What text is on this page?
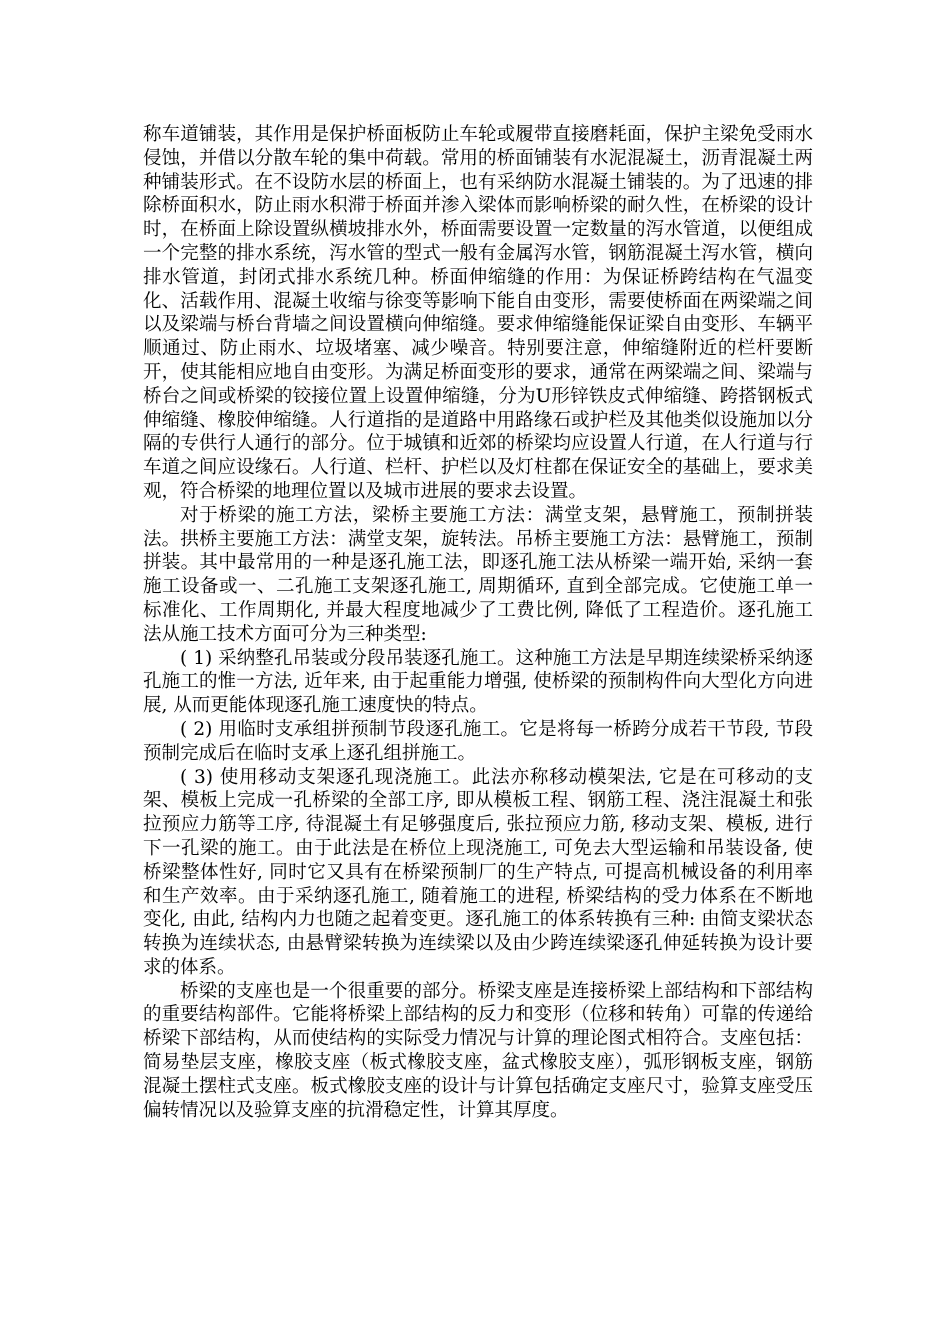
称车道铺装，其作用是保护桥面板防止车轮或履带直接磨耗面，保护主梁免受雨水侵蚀，并借以分散车轮的集中荷载。常用的桥面铺装有水泥混凝土，沥青混凝土两种铺装形式。在不设防水层的桥面上，也有采纳防水混凝土铺装的。为了迅速的排除桥面积水，防止雨水积滞于桥面并渗入梁体而影响桥梁的耐久性，在桥梁的设计时，在桥面上除设置纵横坡排水外，桥面需要设置一定数量的泻水管道，以便组成一个完整的排水系统，泻水管的型式一般有金属泻水管，钢筋混凝土泻水管，横向排水管道，封闭式排水系统几种。桥面伸缩缝的作用：为保证桥跨结构在气温变化、活载作用、混凝土收缩与徐变等影响下能自由变形，需要使桥面在两梁端之间以及梁端与桥台背墙之间设置横向伸缩缝。要求伸缩缝能保证梁自由变形、车辆平顺通过、防止雨水、垃圾堵塞、减少噪音。特别要注意，伸缩缝附近的栏杆要断开，使其能相应地自由变形。为满足桥面变形的要求，通常在两梁端之间、梁端与桥台之间或桥梁的铰接位置上设置伸缩缝，分为U形锌铁皮式伸缩缝、跨搭钢板式伸缩缝、橡胶伸缩缝。人行道指的是道路中用路缘石或护栏及其他类似设施加以分隔的专供行人通行的部分。位于城镇和近郊的桥梁均应设置人行道，在人行道与行车道之间应设缘石。人行道、栏杆、护栏以及灯柱都在保证安全的基础上，要求美观，符合桥梁的地理位置以及城市进展的要求去设置。

对于桥梁的施工方法，梁桥主要施工方法：满堂支架，悬臂施工，预制拼装法。拱桥主要施工方法：满堂支架，旋转法。吊桥主要施工方法：悬臂施工，预制拼装。其中最常用的一种是逐孔施工法，即逐孔施工法从桥梁一端开始, 采纳一套施工设备或一、二孔施工支架逐孔施工, 周期循环, 直到全部完成。它使施工单一标准化、工作周期化, 并最大程度地减少了工费比例, 降低了工程造价。逐孔施工法从施工技术方面可分为三种类型:

( 1) 采纳整孔吊装或分段吊装逐孔施工。这种施工方法是早期连续梁桥采纳逐孔施工的惟一方法, 近年来, 由于起重能力增强, 使桥梁的预制构件向大型化方向进展, 从而更能体现逐孔施工速度快的特点。

( 2) 用临时支承组拼预制节段逐孔施工。它是将每一桥跨分成若干节段, 节段预制完成后在临时支承上逐孔组拼施工。

( 3) 使用移动支架逐孔现浇施工。此法亦称移动模架法, 它是在可移动的支架、模板上完成一孔桥梁的全部工序, 即从模板工程、钢筋工程、浇注混凝土和张拉预应力筋等工序, 待混凝土有足够强度后, 张拉预应力筋, 移动支架、模板, 进行下一孔梁的施工。由于此法是在桥位上现浇施工, 可免去大型运输和吊装设备, 使桥梁整体性好, 同时它又具有在桥梁预制厂的生产特点, 可提高机械设备的利用率和生产效率。由于采纳逐孔施工, 随着施工的进程, 桥梁结构的受力体系在不断地变化, 由此, 结构内力也随之起着变更。逐孔施工的体系转换有三种: 由简支梁状态转换为连续状态, 由悬臂梁转换为连续梁以及由少跨连续梁逐孔伸延转换为设计要求的体系。

桥梁的支座也是一个很重要的部分。桥梁支座是连接桥梁上部结构和下部结构的重要结构部件。它能将桥梁上部结构的反力和变形（位移和转角）可靠的传递给桥梁下部结构，从而使结构的实际受力情况与计算的理论图式相符合。支座包括：简易垫层支座，橡胶支座（板式橡胶支座，盆式橡胶支座），弧形钢板支座，钢筋混凝土摆柱式支座。板式橡胶支座的设计与计算包括确定支座尺寸，验算支座受压偏转情况以及验算支座的抗滑稳定性，计算其厚度。
